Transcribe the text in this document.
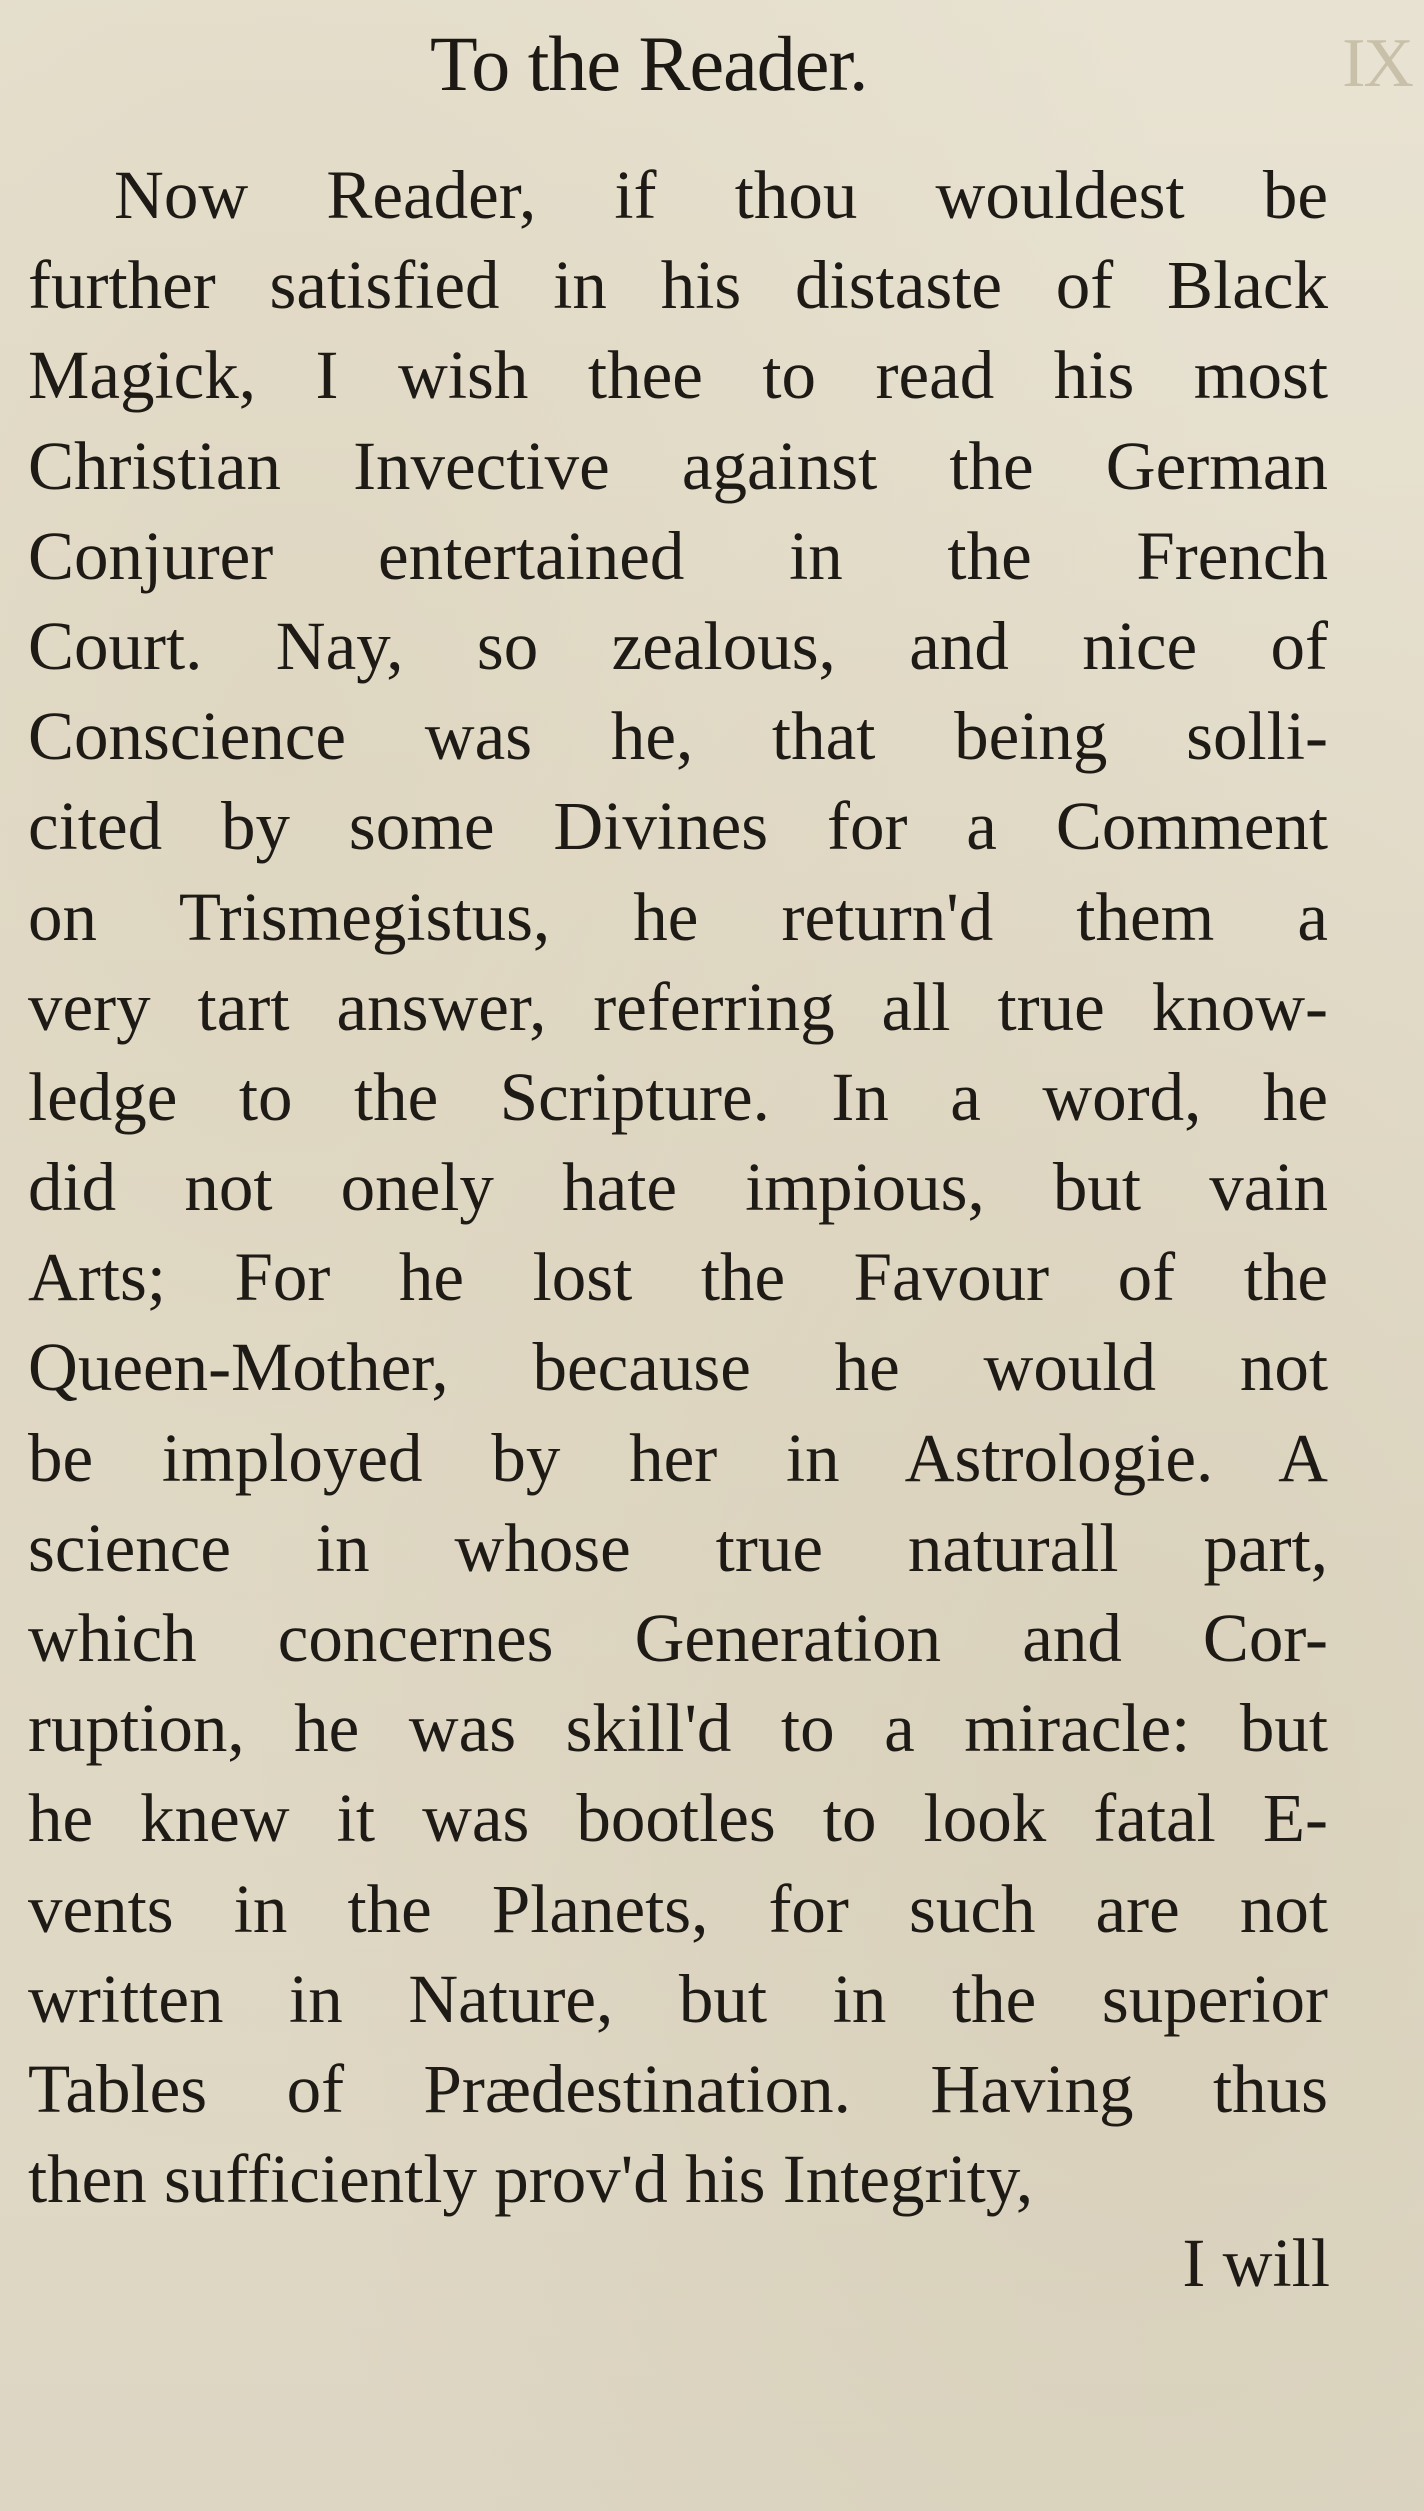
To the Reader.	IX
Now Reader, if thou wouldest be
further satisfied in his distaste of Black
Magick, I wish thee to read his most
Christian Invective against the German
Conjurer entertained in the French
Court. Nay, so zealous, and nice of
Conscience was he, that being solli-
cited by some Divines for a Comment
on Trismegistus, he return'd them a
very tart answer, referring all true know-
ledge to the Scripture. In a word, he
did not onely hate impious, but vain
Arts; For he lost the Favour of the
Queen-Mother, because he would not
be imployed by her in Astrologie. A
science in whose true naturall part,
which concernes Generation and Cor-
ruption, he was skill'd to a miracle: but
he knew it was bootles to look fatal E-
vents in the Planets, for such are not
written in Nature, but in the superior
Tables of Prædestination. Having thus
then sufficiently prov'd his Integrity,
I will
